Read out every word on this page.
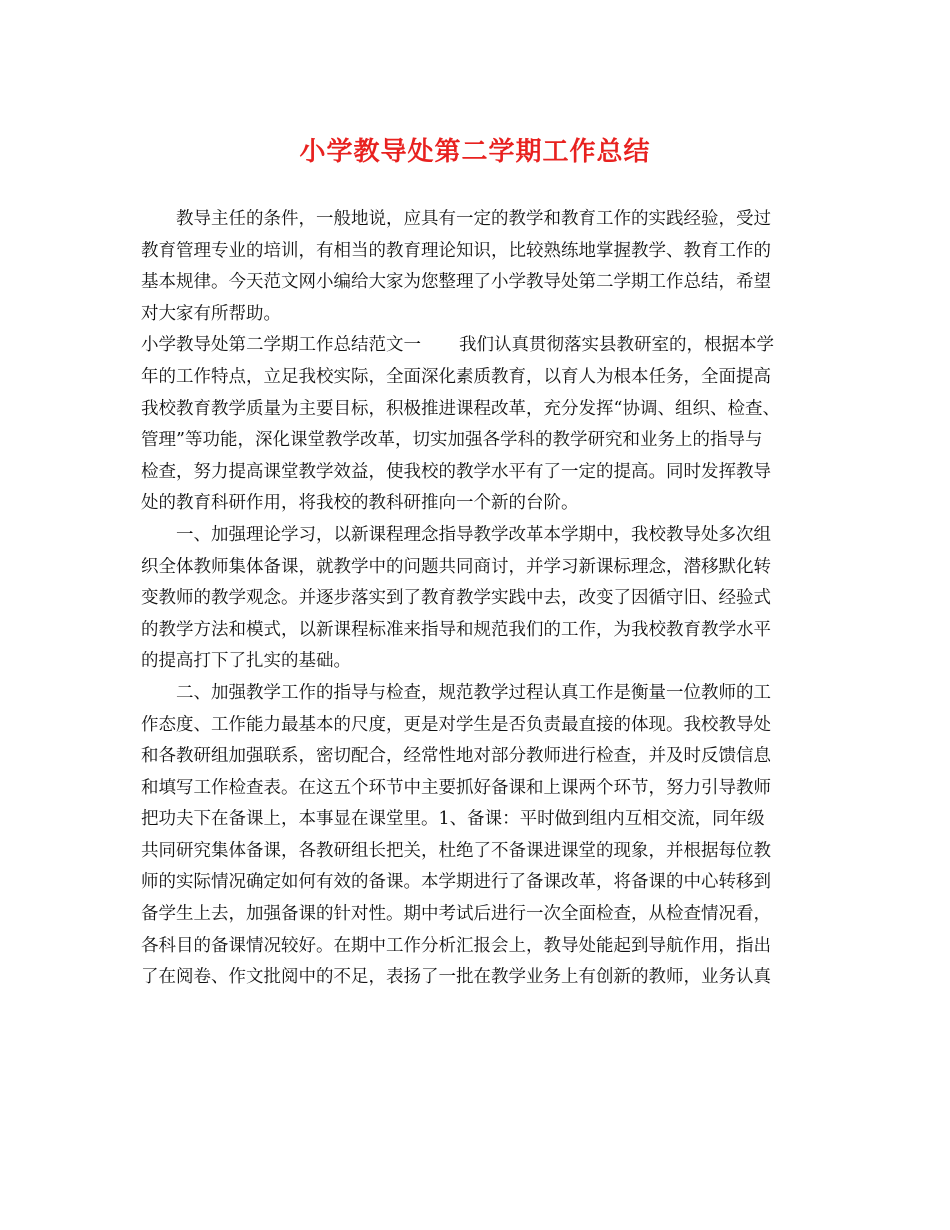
小学教导处第二学期工作总结

教导主任的条件，一般地说，应具有一定的教学和教育工作的实践经验，受过

教育管理专业的培训，有相当的教育理论知识，比较熟练地掌握教学、教育工作的

基本规律。今天范文网小编给大家为您整理了小学教导处第二学期工作总结，希望

对大家有所帮助。

小学教导处第二学期工作总结范文一 我们认真贯彻落实县教研室的，根据本学

年的工作特点，立足我校实际，全面深化素质教育，以育人为根本任务，全面提高

我校教育教学质量为主要目标，积极推进课程改革，充分发挥“协调、组织、检查、

管理”等功能，深化课堂教学改革，切实加强各学科的教学研究和业务上的指导与

检查，努力提高课堂教学效益，使我校的教学水平有了一定的提高。同时发挥教导

处的教育科研作用，将我校的教科研推向一个新的台阶。

一、加强理论学习，以新课程理念指导教学改革本学期中，我校教导处多次组

织全体教师集体备课，就教学中的问题共同商讨，并学习新课标理念，潜移默化转

变教师的教学观念。并逐步落实到了教育教学实践中去，改变了因循守旧、经验式

的教学方法和模式，以新课程标准来指导和规范我们的工作，为我校教育教学水平

的提高打下了扎实的基础。

二、加强教学工作的指导与检查，规范教学过程认真工作是衡量一位教师的工

作态度、工作能力最基本的尺度，更是对学生是否负责最直接的体现。我校教导处

和各教研组加强联系，密切配合，经常性地对部分教师进行检查，并及时反馈信息

和填写工作检查表。在这五个环节中主要抓好备课和上课两个环节，努力引导教师

把功夫下在备课上，本事显在课堂里。1、备课：平时做到组内互相交流，同年级

共同研究集体备课，各教研组长把关，杜绝了不备课进课堂的现象，并根据每位教

师的实际情况确定如何有效的备课。本学期进行了备课改革，将备课的中心转移到

备学生上去，加强备课的针对性。期中考试后进行一次全面检查，从检查情况看，

各科目的备课情况较好。在期中工作分析汇报会上，教导处能起到导航作用，指出

了在阅卷、作文批阅中的不足，表扬了一批在教学业务上有创新的教师，业务认真
